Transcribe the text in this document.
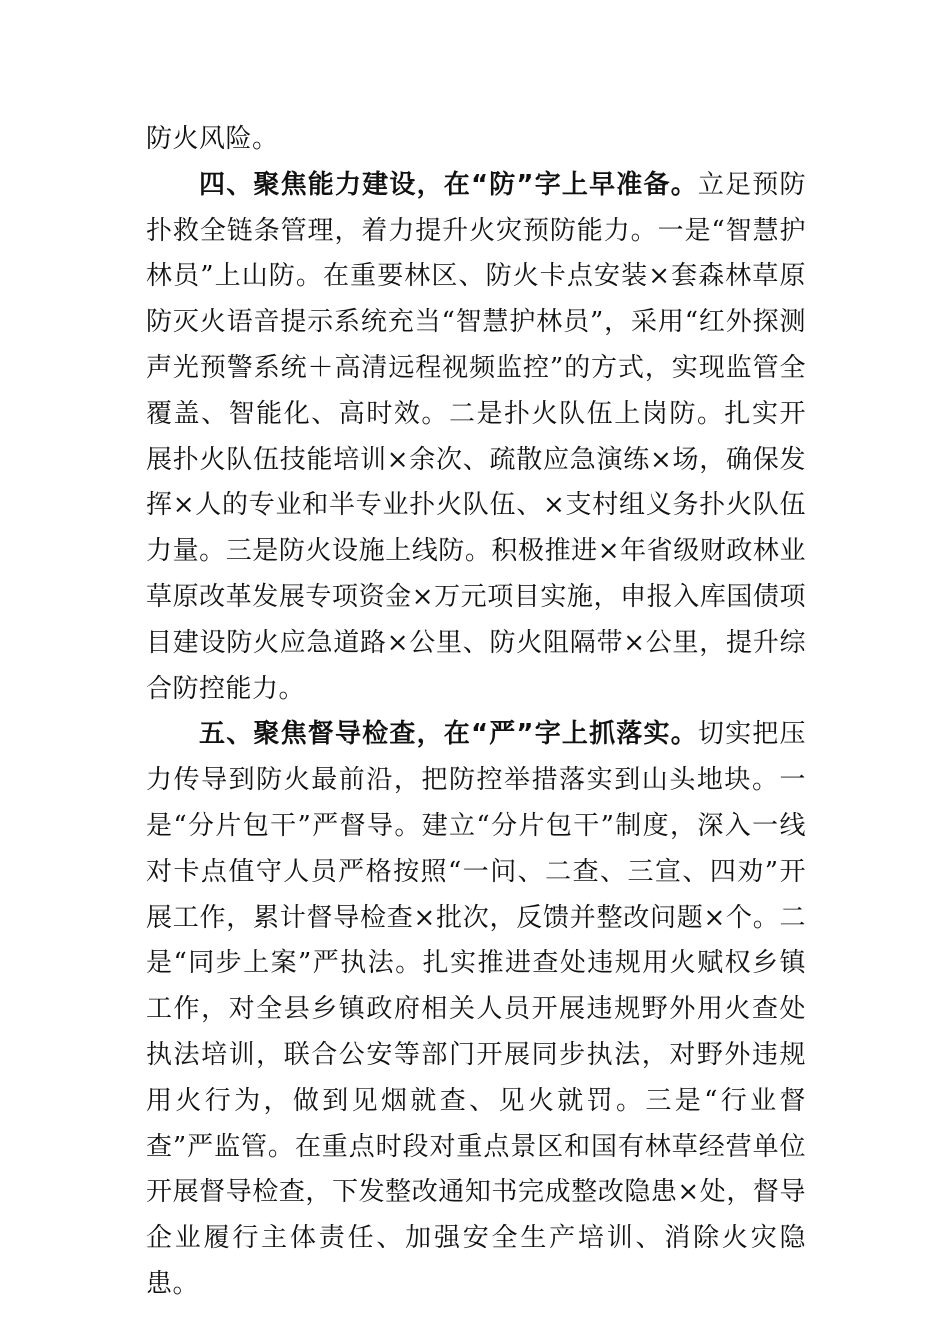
防火风险。

四、聚焦能力建设，在“防”字上早准备。立足预防扑救全链条管理，着力提升火灾预防能力。一是“智慧护林员”上山防。在重要林区、防火卡点安装×套森林草原防灭火语音提示系统充当“智慧护林员”，采用“红外探测声光预警系统＋高清远程视频监控”的方式，实现监管全覆盖、智能化、高时效。二是扑火队伍上岗防。扎实开展扑火队伍技能培训×余次、疏散应急演练×场，确保发挥×人的专业和半专业扑火队伍、×支村组义务扑火队伍力量。三是防火设施上线防。积极推进×年省级财政林业草原改革发展专项资金×万元项目实施，申报入库国债项目建设防火应急道路×公里、防火阻隔带×公里，提升综合防控能力。

五、聚焦督导检查，在“严”字上抓落实。切实把压力传导到防火最前沿，把防控举措落实到山头地块。一是“分片包干”严督导。建立“分片包干”制度，深入一线对卡点值守人员严格按照“一问、二查、三宣、四劝”开展工作，累计督导检查×批次，反馈并整改问题×个。二是“同步上案”严执法。扎实推进查处违规用火赋权乡镇工作，对全县乡镇政府相关人员开展违规野外用火查处执法培训，联合公安等部门开展同步执法，对野外违规用火行为，做到见烟就查、见火就罚。三是“行业督查”严监管。在重点时段对重点景区和国有林草经营单位开展督导检查，下发整改通知书完成整改隐患×处，督导企业履行主体责任、加强安全生产培训、消除火灾隐患。
